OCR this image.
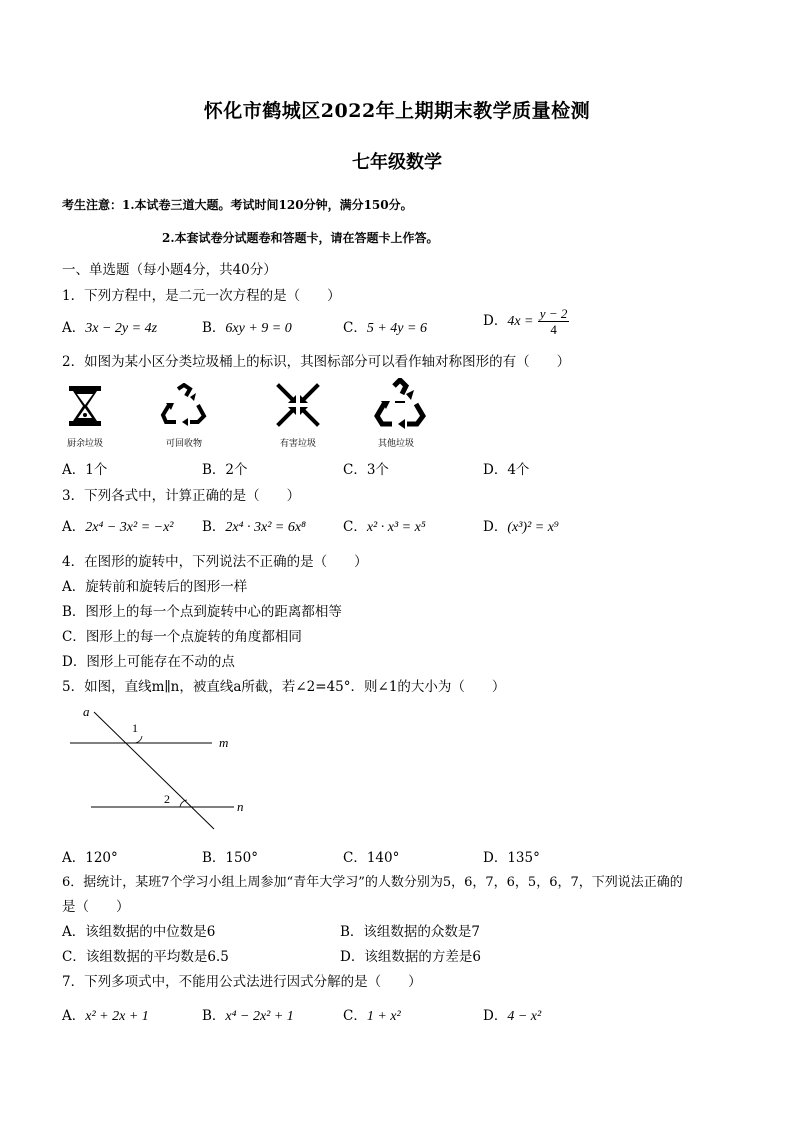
怀化市鹤城区2022年上期期末教学质量检测
七年级数学
考生注意：1.本试卷三道大题。考试时间120分钟，满分150分。
2.本套试卷分试题卷和答题卡，请在答题卡上作答。
一、单选题（每小题4分，共40分）
1．下列方程中，是二元一次方程的是（　　）
A．3x − 2y = 4z	B．6xy + 9 = 0	C．5 + 4y = 6	D．$4x = \frac{y - 2}{4}$
2．如图为某小区分类垃圾桶上的标识，其图标部分可以看作轴对称图形的有（　　）
厨余垃圾	可回收物	有害垃圾	其他垃圾
A．1个	B．2个	C．3个	D．4个
3．下列各式中，计算正确的是（　　）
A．2x⁴ − 3x² = −x² B．2x⁴ · 3x² = 6x⁸	C．x² · x³ = x⁵	D．(x³)² = x⁹
4．在图形的旋转中，下列说法不正确的是（　　）
A．旋转前和旋转后的图形一样
B．图形上的每一个点到旋转中心的距离都相等
C．图形上的每一个点旋转的角度都相同
D．图形上可能存在不动的点
5．如图，直线m∥n，被直线a所截，若∠2=45°．则∠1的大小为（　　）
a
m
n
1
2
A．120°	B．150°	C．140°	D．135°
6．据统计，某班7个学习小组上周参加“青年大学习”的人数分别为5，6，7，6，5，6，7，下列说法正确的
是（　　）
A．该组数据的中位数是6	B．该组数据的众数是7
C．该组数据的平均数是6.5	D．该组数据的方差是6
7．下列多项式中，不能用公式法进行因式分解的是（　　）
A．x² + 2x + 1	B．x⁴ − 2x² + 1	C．1 + x²	D．4 − x²
